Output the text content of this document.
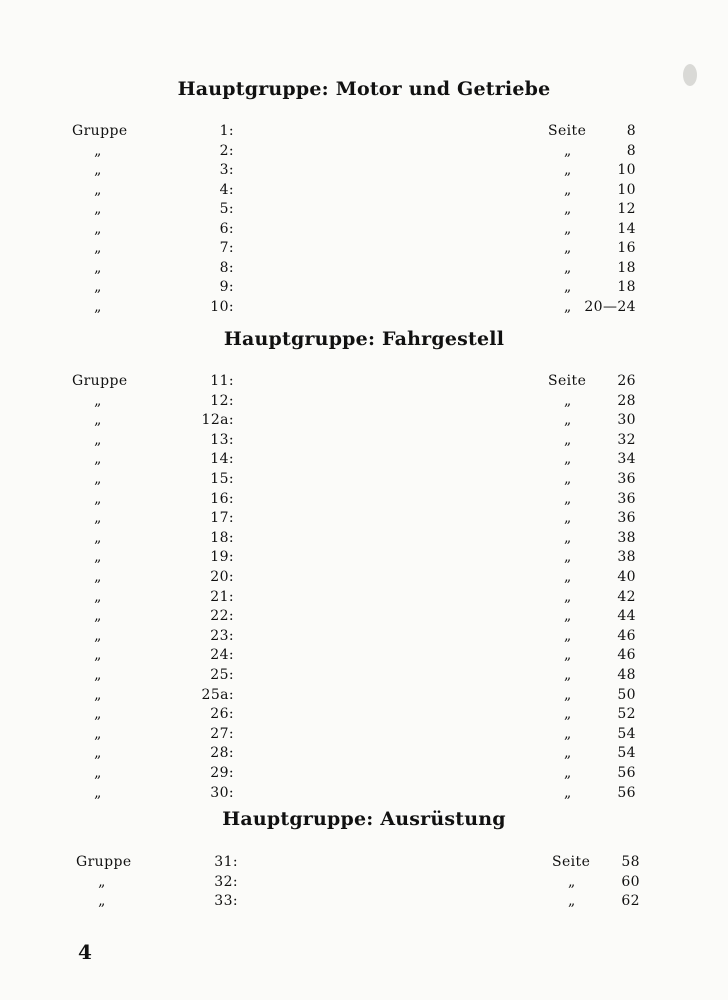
Hauptgruppe: Motor und Getriebe
Gruppe	1:	Seite	8
„	2:	„	8
„	3:	„	10
„	4:	„	10
„	5:	„	12
„	6:	„	14
„	7:	„	16
„	8:	„	18
„	9:	„	18
„	10:	„ 20—24
Hauptgruppe: Fahrgestell
Gruppe	11:	Seite	26
„	12:	„	28
„	12a:	„	30
„	13:	„	32
„	14:	„	34
„	15:	„	36
„	16:	„	36
„	17:	„	36
„	18:	„	38
„	19:	„	38
„	20:	„	40
„	21:	„	42
„	22:	„	44
„	23:	„	46
„	24:	„	46
„	25:	„	48
„	25a:	„	50
„	26:	„	52
„	27:	„	54
„	28:	„	54
„	29:	„	56
„	30:	„	56
Hauptgruppe: Ausrüstung
Gruppe	31:	Seite	58
„	32:	„	60
„	33:	„	62
4
